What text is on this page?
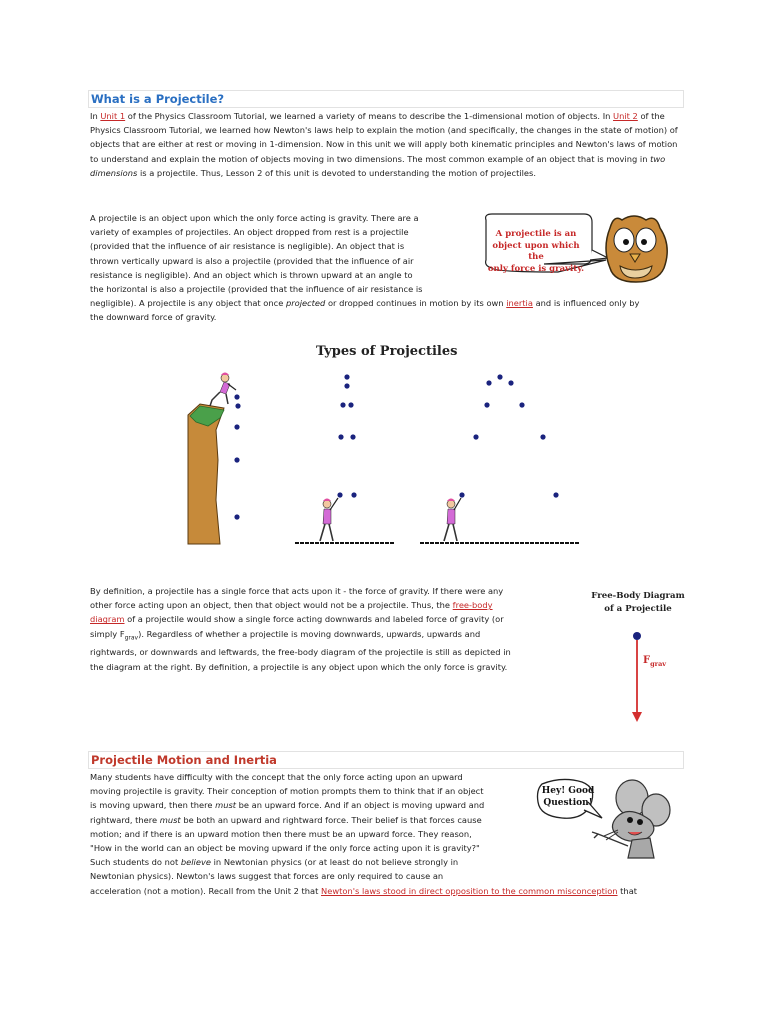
What is a Projectile?

In Unit 1 of the Physics Classroom Tutorial, we learned a variety of means to describe the 1-dimensional motion of objects. In Unit 2 of the Physics Classroom Tutorial, we learned how Newton's laws help to explain the motion (and specifically, the changes in the state of motion) of objects that are either at rest or moving in 1-dimension. Now in this unit we will apply both kinematic principles and Newton's laws of motion to understand and explain the motion of objects moving in two dimensions. The most common example of an object that is moving in two dimensions is a projectile. Thus, Lesson 2 of this unit is devoted to understanding the motion of projectiles.

A projectile is an object upon which the only force acting is gravity. There are a
variety of examples of projectiles. An object dropped from rest is a projectile
(provided that the influence of air resistance is negligible). An object that is
thrown vertically upward is also a projectile (provided that the influence of air
resistance is negligible). And an object which is thrown upward at an angle to
the horizontal is also a projectile (provided that the influence of air resistance is
negligible). A projectile is any object that once projected or dropped continues in motion by its own inertia and is influenced only by
the downward force of gravity.
A projectile is an
object upon which the
only force is gravity.
Types of Projectiles
By definition, a projectile has a single force that acts upon it - the force of gravity. If there were any
other force acting upon an object, then that object would not be a projectile. Thus, the free-body
diagram of a projectile would show a single force acting downwards and labeled force of gravity (or
simply $F_{grav}$). Regardless of whether a projectile is moving downwards, upwards, upwards and
rightwards, or downwards and leftwards, the free-body diagram of the projectile is still as depicted in
the diagram at the right. By definition, a projectile is any object upon which the only force is gravity.
Free-Body Diagram
of a Projectile
$F_{grav}$
Projectile Motion and Inertia
Many students have difficulty with the concept that the only force acting upon an upward
moving projectile is gravity. Their conception of motion prompts them to think that if an object
is moving upward, then there must be an upward force. And if an object is moving upward and
rightward, there must be both an upward and rightward force. Their belief is that forces cause
motion; and if there is an upward motion then there must be an upward force. They reason,
"How in the world can an object be moving upward if the only force acting upon it is gravity?"
Such students do not believe in Newtonian physics (or at least do not believe strongly in
Newtonian physics). Newton's laws suggest that forces are only required to cause an
acceleration (not a motion). Recall from the Unit 2 that Newton's laws stood in direct opposition to the common misconception that
Hey! Good
Question!
